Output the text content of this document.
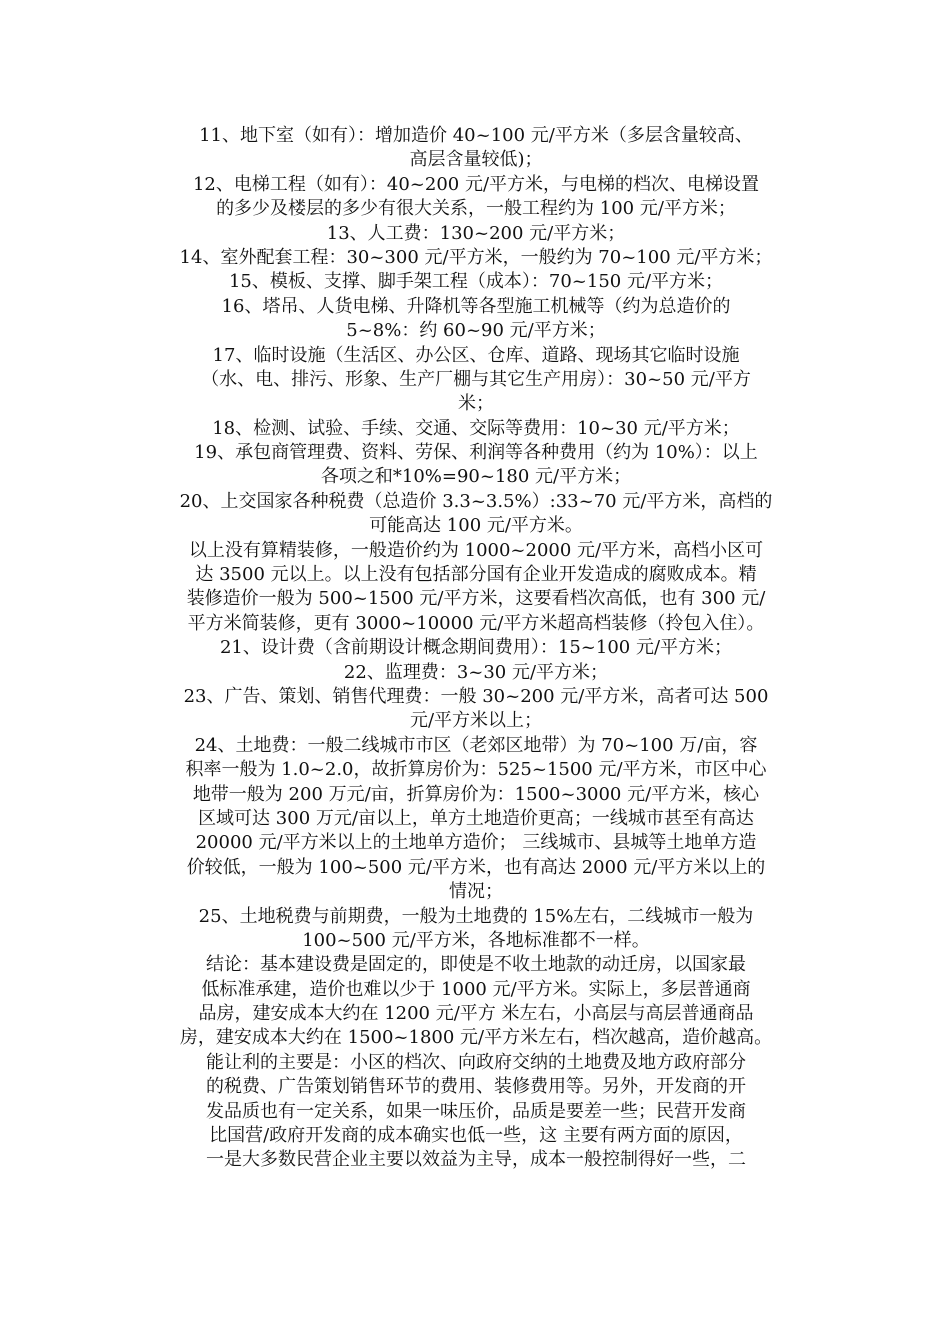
11、地下室（如有）：增加造价 40~100 元/平方米（多层含量较高、
高层含量较低)；
12、电梯工程（如有）：40~200 元/平方米，与电梯的档次、电梯设置
的多少及楼层的多少有很大关系，一般工程约为 100 元/平方米；
13、人工费：130~200 元/平方米；
14、室外配套工程：30~300 元/平方米，一般约为 70~100 元/平方米；
15、模板、支撑、脚手架工程（成本）：70~150 元/平方米；
16、塔吊、人货电梯、升降机等各型施工机械等（约为总造价的
5~8%：约 60~90 元/平方米；
17、临时设施（生活区、办公区、仓库、道路、现场其它临时设施
（水、电、排污、形象、生产厂棚与其它生产用房）：30~50 元/平方
米；
18、检测、试验、手续、交通、交际等费用：10~30 元/平方米；
19、承包商管理费、资料、劳保、利润等各种费用（约为 10%）：以上
各项之和*10%=90~180 元/平方米；
20、上交国家各种税费（总造价 3.3~3.5%）:33~70 元/平方米，高档的
可能高达 100 元/平方米。
以上没有算精装修，一般造价约为 1000~2000 元/平方米，高档小区可
达 3500 元以上。以上没有包括部分国有企业开发造成的腐败成本。精
装修造价一般为 500~1500 元/平方米，这要看档次高低，也有 300 元/
平方米简装修，更有 3000~10000 元/平方米超高档装修（拎包入住）。
21、设计费（含前期设计概念期间费用）：15~100 元/平方米；
22、监理费：3~30 元/平方米；
23、广告、策划、销售代理费：一般 30~200 元/平方米，高者可达 500
元/平方米以上；
24、土地费：一般二线城市市区（老郊区地带）为 70~100 万/亩，容
积率一般为 1.0~2.0，故折算房价为：525~1500 元/平方米，市区中心
地带一般为 200 万元/亩，折算房价为：1500~3000 元/平方米，核心
区域可达 300 万元/亩以上，单方土地造价更高；一线城市甚至有高达
20000 元/平方米以上的土地单方造价； 三线城市、县城等土地单方造
价较低，一般为 100~500 元/平方米，也有高达 2000 元/平方米以上的
情况；
25、土地税费与前期费，一般为土地费的 15%左右，二线城市一般为
100~500 元/平方米，各地标准都不一样。
结论：基本建设费是固定的，即使是不收土地款的动迁房，以国家最
低标准承建，造价也难以少于 1000 元/平方米。实际上，多层普通商
品房，建安成本大约在 1200 元/平方 米左右，小高层与高层普通商品
房，建安成本大约在 1500~1800 元/平方米左右，档次越高，造价越高。
能让利的主要是：小区的档次、向政府交纳的土地费及地方政府部分
的税费、广告策划销售环节的费用、装修费用等。另外，开发商的开
发品质也有一定关系，如果一味压价，品质是要差一些；民营开发商
比国营/政府开发商的成本确实也低一些，这 主要有两方面的原因，
一是大多数民营企业主要以效益为主导，成本一般控制得好一些，二
